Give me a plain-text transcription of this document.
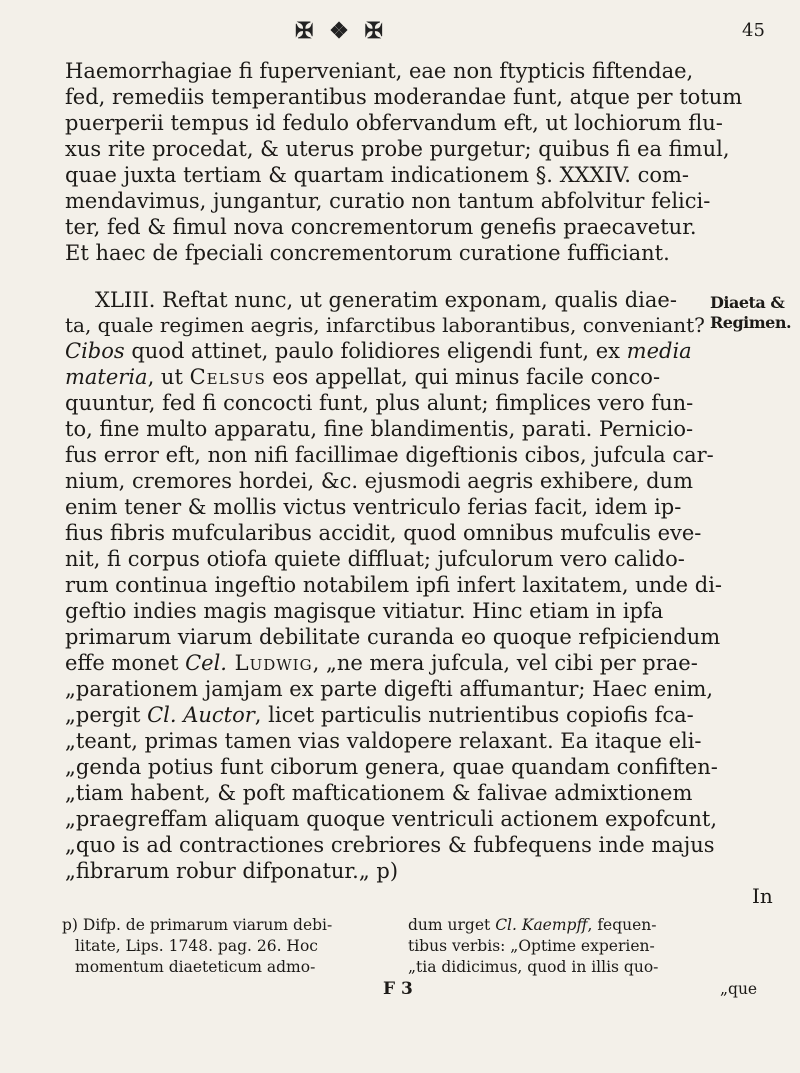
✠ ❖ ✠	45
Haemorrhagiae fi fuperveniant, eae non ftypticis fiftendae,
fed, remediis temperantibus moderandae funt, atque per totum
puerperii tempus id fedulo obfervandum eft, ut lochiorum flu-
xus rite procedat, & uterus probe purgetur; quibus fi ea fimul,
quae juxta tertiam & quartam indicationem §. XXXIV. com-
mendavimus, jungantur, curatio non tantum abfolvitur felici-
ter, fed & fimul nova concrementorum genefis praecavetur.
Et haec de fpeciali concrementorum curatione fufficiant.
Diaeta &
Regimen.
XLIII. Reftat nunc, ut generatim exponam, qualis diae-
ta, quale regimen aegris, infarctibus laborantibus, conveniant?
Cibos quod attinet, paulo folidiores eligendi funt, ex media
materia, ut Celsus eos appellat, qui minus facile conco-
quuntur, fed fi concocti funt, plus alunt; fimplices vero fun-
to, fine multo apparatu, fine blandimentis, parati. Pernicio-
fus error eft, non nifi facillimae digeftionis cibos, jufcula car-
nium, cremores hordei, &c. ejusmodi aegris exhibere, dum
enim tener & mollis victus ventriculo ferias facit, idem ip-
fius fibris mufcularibus accidit, quod omnibus mufculis eve-
nit, fi corpus otiofa quiete diffluat; jufculorum vero calido-
rum continua ingeftio notabilem ipfi infert laxitatem, unde di-
geftio indies magis magisque vitiatur. Hinc etiam in ipfa
primarum viarum debilitate curanda eo quoque refpiciendum
effe monet Cel. Ludwig, „ne mera jufcula, vel cibi per prae-
„parationem jamjam ex parte digefti affumantur; Haec enim,
„pergit Cl. Auctor, licet particulis nutrientibus copiofis fca-
„teant, primas tamen vias valdopere relaxant. Ea itaque eli-
„genda potius funt ciborum genera, quae quandam confiften-
„tiam habent, & poft mafticationem & falivae admixtionem
„praegreffam aliquam quoque ventriculi actionem expofcunt,
„quo is ad contractiones crebriores & fubfequens inde majus
„fibrarum robur difponatur.„ p)
In
p) Difp. de primarum viarum debi-
litate, Lips. 1748. pag. 26. Hoc
momentum diaeteticum admo-
dum urget Cl. Kaempff, fequen-
tibus verbis: „Optime experien-
„tia didicimus, quod in illis quo-
F 3	„que
